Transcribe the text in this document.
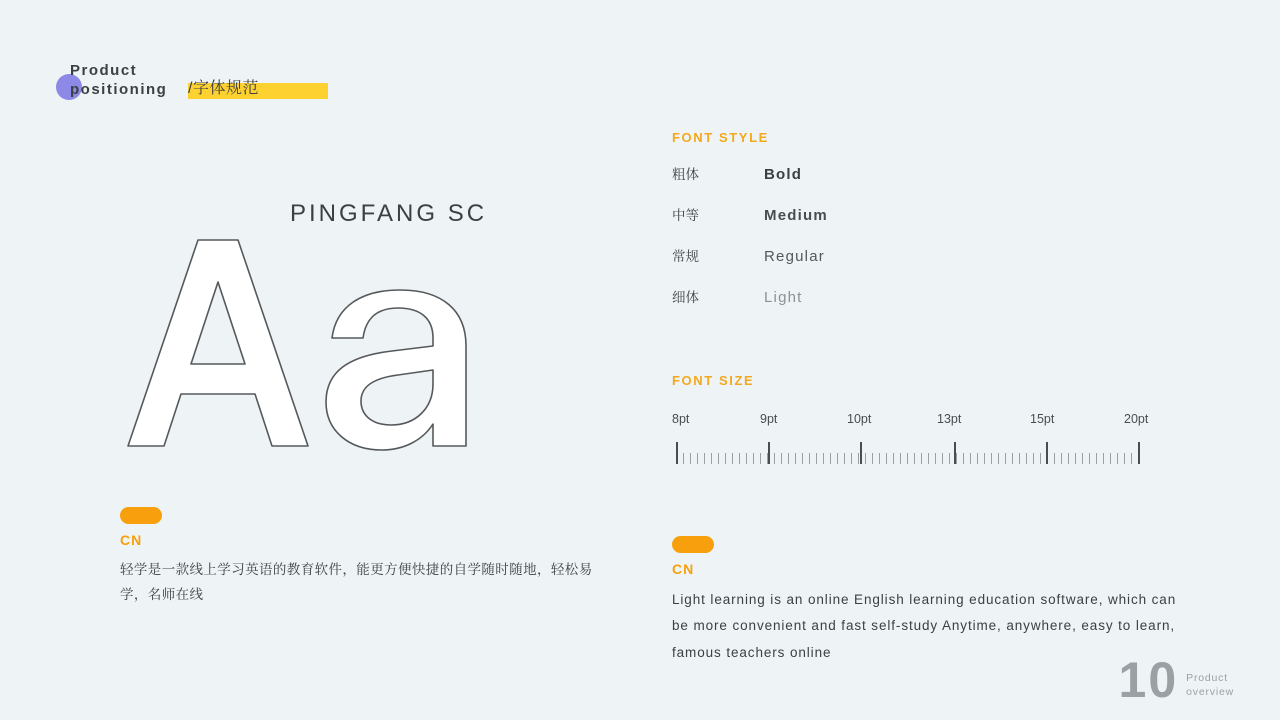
Product
positioning	/字体规范
PINGFANG SC
CN
轻学是一款线上学习英语的教育软件，能更方便快捷的自学随时随地，轻松易学，名师在线
FONT STYLE
粗体	Bold
中等	Medium
常规	Regular
细体	Light
FONT SIZE
8pt	9pt	10pt	13pt	15pt	20pt
CN
Light learning is an online English learning education software, which can be more convenient and fast self-study Anytime, anywhere, easy to learn, famous teachers online	10 Product
overview
